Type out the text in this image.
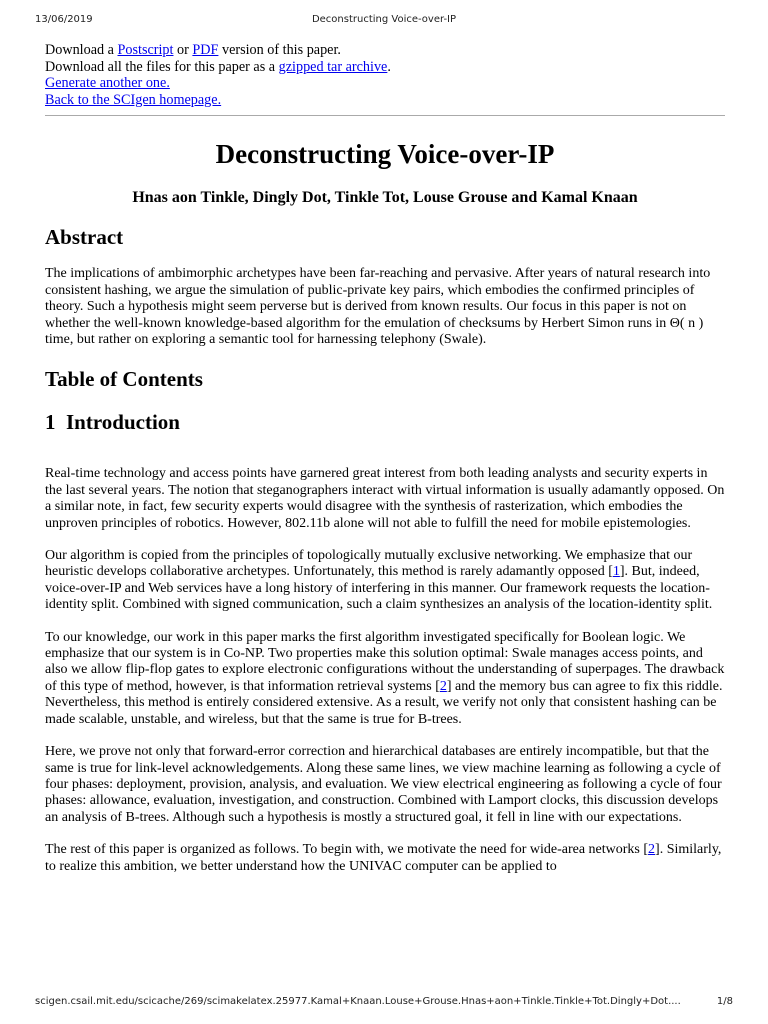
13/06/2019	Deconstructing Voice-over-IP
Download a Postscript or PDF version of this paper.
Download all the files for this paper as a gzipped tar archive.
Generate another one.
Back to the SCIgen homepage.
Deconstructing Voice-over-IP
Hnas aon Tinkle, Dingly Dot, Tinkle Tot, Louse Grouse and Kamal Knaan
Abstract

The implications of ambimorphic archetypes have been far-reaching and pervasive. After years of natural research into consistent hashing, we argue the simulation of public-private key pairs, which embodies the confirmed principles of theory. Such a hypothesis might seem perverse but is derived from known results. Our focus in this paper is not on whether the well-known knowledge-based algorithm for the emulation of checksums by Herbert Simon runs in Θ( n ) time, but rather on exploring a semantic tool for harnessing telephony (Swale).

Table of Contents
1  Introduction

Real-time technology and access points have garnered great interest from both leading analysts and security experts in the last several years. The notion that steganographers interact with virtual information is usually adamantly opposed. On a similar note, in fact, few security experts would disagree with the synthesis of rasterization, which embodies the unproven principles of robotics. However, 802.11b alone will not able to fulfill the need for mobile epistemologies.

Our algorithm is copied from the principles of topologically mutually exclusive networking. We emphasize that our heuristic develops collaborative archetypes. Unfortunately, this method is rarely adamantly opposed [1]. But, indeed, voice-over-IP and Web services have a long history of interfering in this manner. Our framework requests the location-identity split. Combined with signed communication, such a claim synthesizes an analysis of the location-identity split.

To our knowledge, our work in this paper marks the first algorithm investigated specifically for Boolean logic. We emphasize that our system is in Co-NP. Two properties make this solution optimal: Swale manages access points, and also we allow flip-flop gates to explore electronic configurations without the understanding of superpages. The drawback of this type of method, however, is that information retrieval systems [2] and the memory bus can agree to fix this riddle. Nevertheless, this method is entirely considered extensive. As a result, we verify not only that consistent hashing can be made scalable, unstable, and wireless, but that the same is true for B-trees.

Here, we prove not only that forward-error correction and hierarchical databases are entirely incompatible, but that the same is true for link-level acknowledgements. Along these same lines, we view machine learning as following a cycle of four phases: deployment, provision, analysis, and evaluation. We view electrical engineering as following a cycle of four phases: allowance, evaluation, investigation, and construction. Combined with Lamport clocks, this discussion develops an analysis of B-trees. Although such a hypothesis is mostly a structured goal, it fell in line with our expectations.

The rest of this paper is organized as follows. To begin with, we motivate the need for wide-area networks [2]. Similarly, to realize this ambition, we better understand how the UNIVAC computer can be applied to

scigen.csail.mit.edu/scicache/269/scimakelatex.25977.Kamal+Knaan.Louse+Grouse.Hnas+aon+Tinkle.Tinkle+Tot.Dingly+Dot....	1/8
